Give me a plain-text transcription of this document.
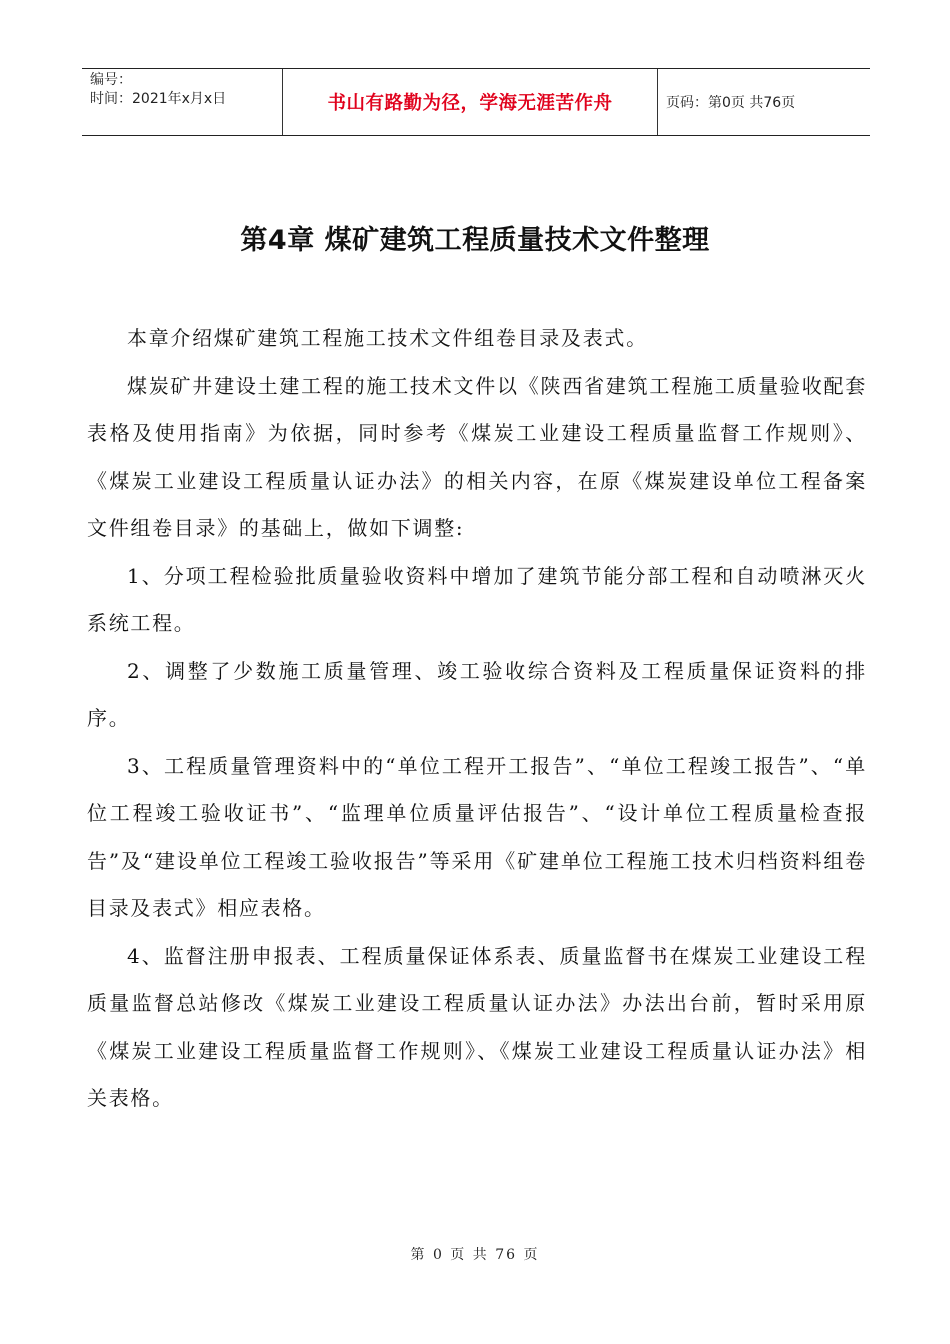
编号：
时间：2021年x月x日	书山有路勤为径，学海无涯苦作舟	页码：第0页 共76页
第4章 煤矿建筑工程质量技术文件整理

本章介绍煤矿建筑工程施工技术文件组卷目录及表式。

煤炭矿井建设土建工程的施工技术文件以《陕西省建筑工程施工质量验收配套表格及使用指南》为依据，同时参考《煤炭工业建设工程质量监督工作规则》、《煤炭工业建设工程质量认证办法》的相关内容，在原《煤炭建设单位工程备案文件组卷目录》的基础上，做如下调整:

1、分项工程检验批质量验收资料中增加了建筑节能分部工程和自动喷淋灭火系统工程。

2、调整了少数施工质量管理、竣工验收综合资料及工程质量保证资料的排序。

3、工程质量管理资料中的“单位工程开工报告”、“单位工程竣工报告”、“单位工程竣工验收证书”、“监理单位质量评估报告”、“设计单位工程质量检查报告”及“建设单位工程竣工验收报告”等采用《矿建单位工程施工技术归档资料组卷目录及表式》相应表格。

4、监督注册申报表、工程质量保证体系表、质量监督书在煤炭工业建设工程质量监督总站修改《煤炭工业建设工程质量认证办法》办法出台前，暂时采用原《煤炭工业建设工程质量监督工作规则》、《煤炭工业建设工程质量认证办法》相关表格。

第 0 页 共 76 页
